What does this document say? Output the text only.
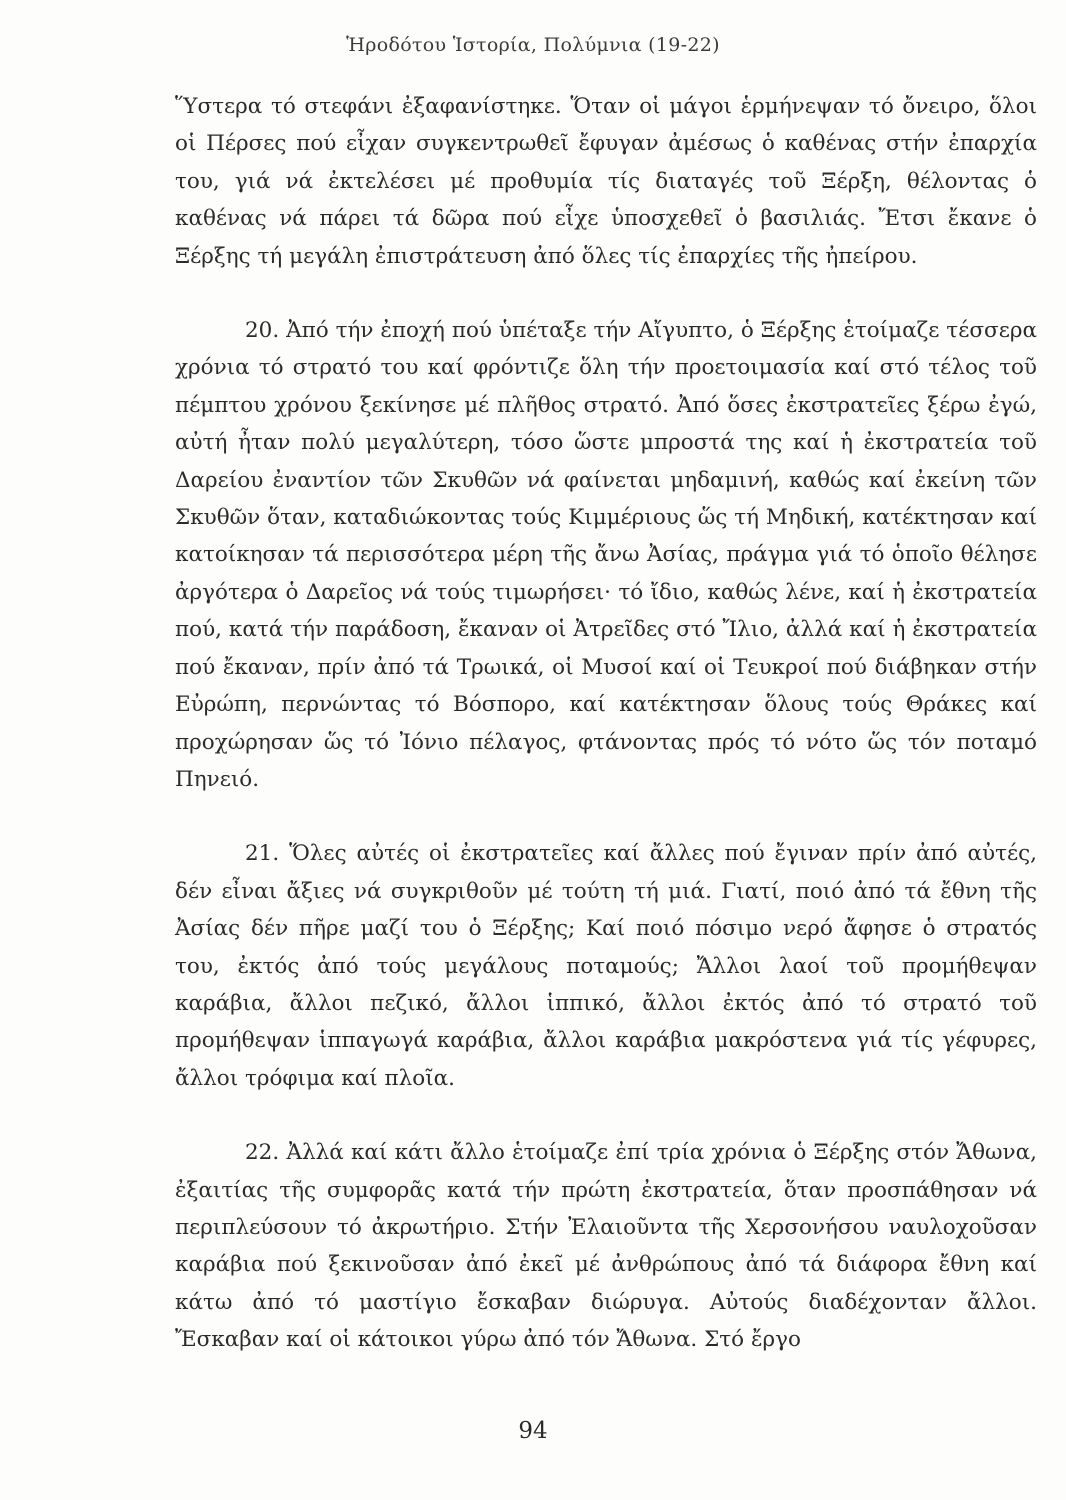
Ἡροδότου Ἱστορία, Πολύμνια (19-22)

Ὕστερα τό στεφάνι ἐξαφανίστηκε. Ὅταν οἱ μάγοι ἑρμήνεψαν τό ὄνειρο, ὅλοι οἱ Πέρσες πού εἶχαν συγκεντρωθεῖ ἔφυγαν ἀμέσως ὁ καθένας στήν ἐπαρχία του, γιά νά ἐκτελέσει μέ προθυμία τίς διαταγές τοῦ Ξέρξη, θέλοντας ὁ καθένας νά πάρει τά δῶρα πού εἶχε ὑποσχεθεῖ ὁ βασιλιάς. Ἔτσι ἔκανε ὁ Ξέρξης τή μεγάλη ἐπιστράτευση ἀπό ὅλες τίς ἐπαρχίες τῆς ἠπείρου.

20. Ἀπό τήν ἐποχή πού ὑπέταξε τήν Αἴγυπτο, ὁ Ξέρξης ἑτοίμαζε τέσσερα χρόνια τό στρατό του καί φρόντιζε ὅλη τήν προετοιμασία καί στό τέλος τοῦ πέμπτου χρόνου ξεκίνησε μέ πλῆθος στρατό. Ἀπό ὅσες ἐκστρατεῖες ξέρω ἐγώ, αὐτή ἦταν πολύ μεγαλύτερη, τόσο ὥστε μπροστά της καί ἡ ἐκστρατεία τοῦ Δαρείου ἐναντίον τῶν Σκυθῶν νά φαίνεται μηδαμινή, καθώς καί ἐκείνη τῶν Σκυθῶν ὅταν, καταδιώκοντας τούς Κιμμέριους ὥς τή Μηδική, κατέκτησαν καί κατοίκησαν τά περισσότερα μέρη τῆς ἄνω Ἀσίας, πράγμα γιά τό ὁποῖο θέλησε ἀργότερα ὁ Δαρεῖος νά τούς τιμωρήσει· τό ἴδιο, καθώς λένε, καί ἡ ἐκστρατεία πού, κατά τήν παράδοση, ἔκαναν οἱ Ἀτρεῖδες στό Ἴλιο, ἀλλά καί ἡ ἐκστρατεία πού ἔκαναν, πρίν ἀπό τά Τρωικά, οἱ Μυσοί καί οἱ Τευκροί πού διάβηκαν στήν Εὐρώπη, περνώντας τό Βόσπορο, καί κατέκτησαν ὅλους τούς Θράκες καί προχώρησαν ὥς τό Ἰόνιο πέλαγος, φτάνοντας πρός τό νότο ὥς τόν ποταμό Πηνειό.

21. Ὅλες αὐτές οἱ ἐκστρατεῖες καί ἄλλες πού ἔγιναν πρίν ἀπό αὐτές, δέν εἶναι ἄξιες νά συγκριθοῦν μέ τούτη τή μιά. Γιατί, ποιό ἀπό τά ἔθνη τῆς Ἀσίας δέν πῆρε μαζί του ὁ Ξέρξης; Καί ποιό πόσιμο νερό ἄφησε ὁ στρατός του, ἐκτός ἀπό τούς μεγάλους ποταμούς; Ἄλλοι λαοί τοῦ προμήθεψαν καράβια, ἄλλοι πεζικό, ἄλλοι ἱππικό, ἄλλοι ἐκτός ἀπό τό στρατό τοῦ προμήθεψαν ἱππαγωγά καράβια, ἄλλοι καράβια μακρόστενα γιά τίς γέφυρες, ἄλλοι τρόφιμα καί πλοῖα.

22. Ἀλλά καί κάτι ἄλλο ἑτοίμαζε ἐπί τρία χρόνια ὁ Ξέρξης στόν Ἄθωνα, ἐξαιτίας τῆς συμφορᾶς κατά τήν πρώτη ἐκστρατεία, ὅταν προσπάθησαν νά περιπλεύσουν τό ἀκρωτήριο. Στήν Ἐλαιοῦντα τῆς Χερσονήσου ναυλοχοῦσαν καράβια πού ξεκινοῦσαν ἀπό ἐκεῖ μέ ἀνθρώπους ἀπό τά διάφορα ἔθνη καί κάτω ἀπό τό μαστίγιο ἔσκαβαν διώρυγα. Αὐτούς διαδέχονταν ἄλλοι. Ἔσκαβαν καί οἱ κάτοικοι γύρω ἀπό τόν Ἄθωνα. Στό ἔργο

94
